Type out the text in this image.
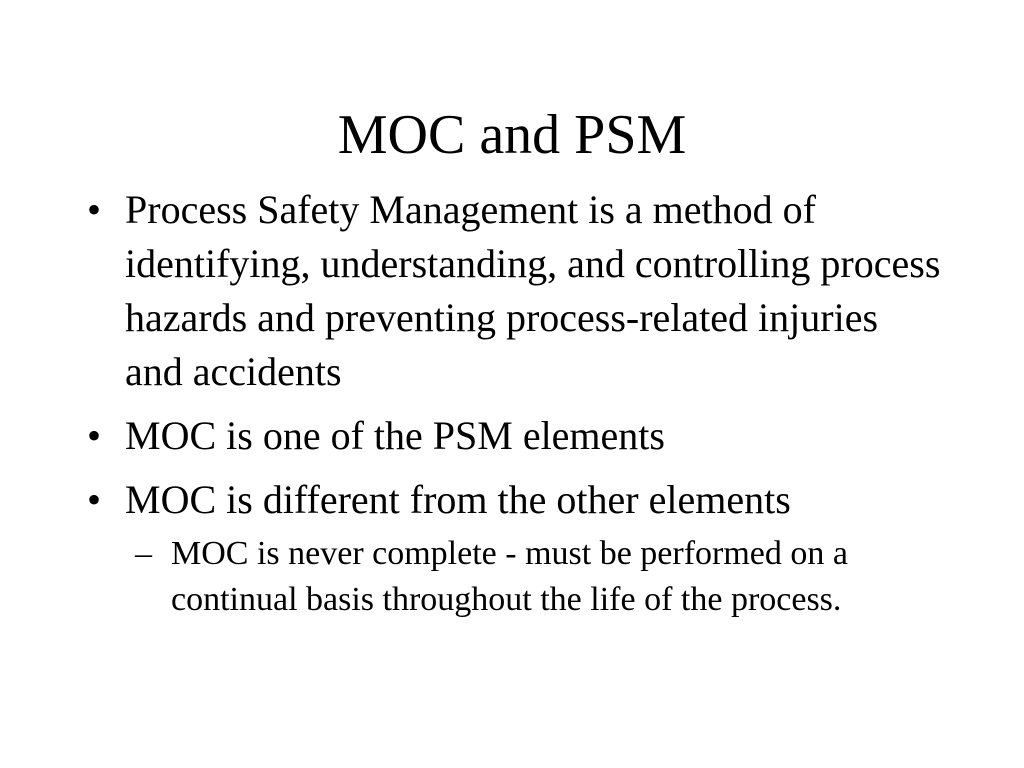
MOC and PSM
• Process Safety Management is a method of identifying, understanding, and controlling process hazards and preventing process-related injuries and accidents
• MOC is one of the PSM elements
• MOC is different from the other elements
– MOC is never complete - must be performed on a continual basis throughout the life of the process.
